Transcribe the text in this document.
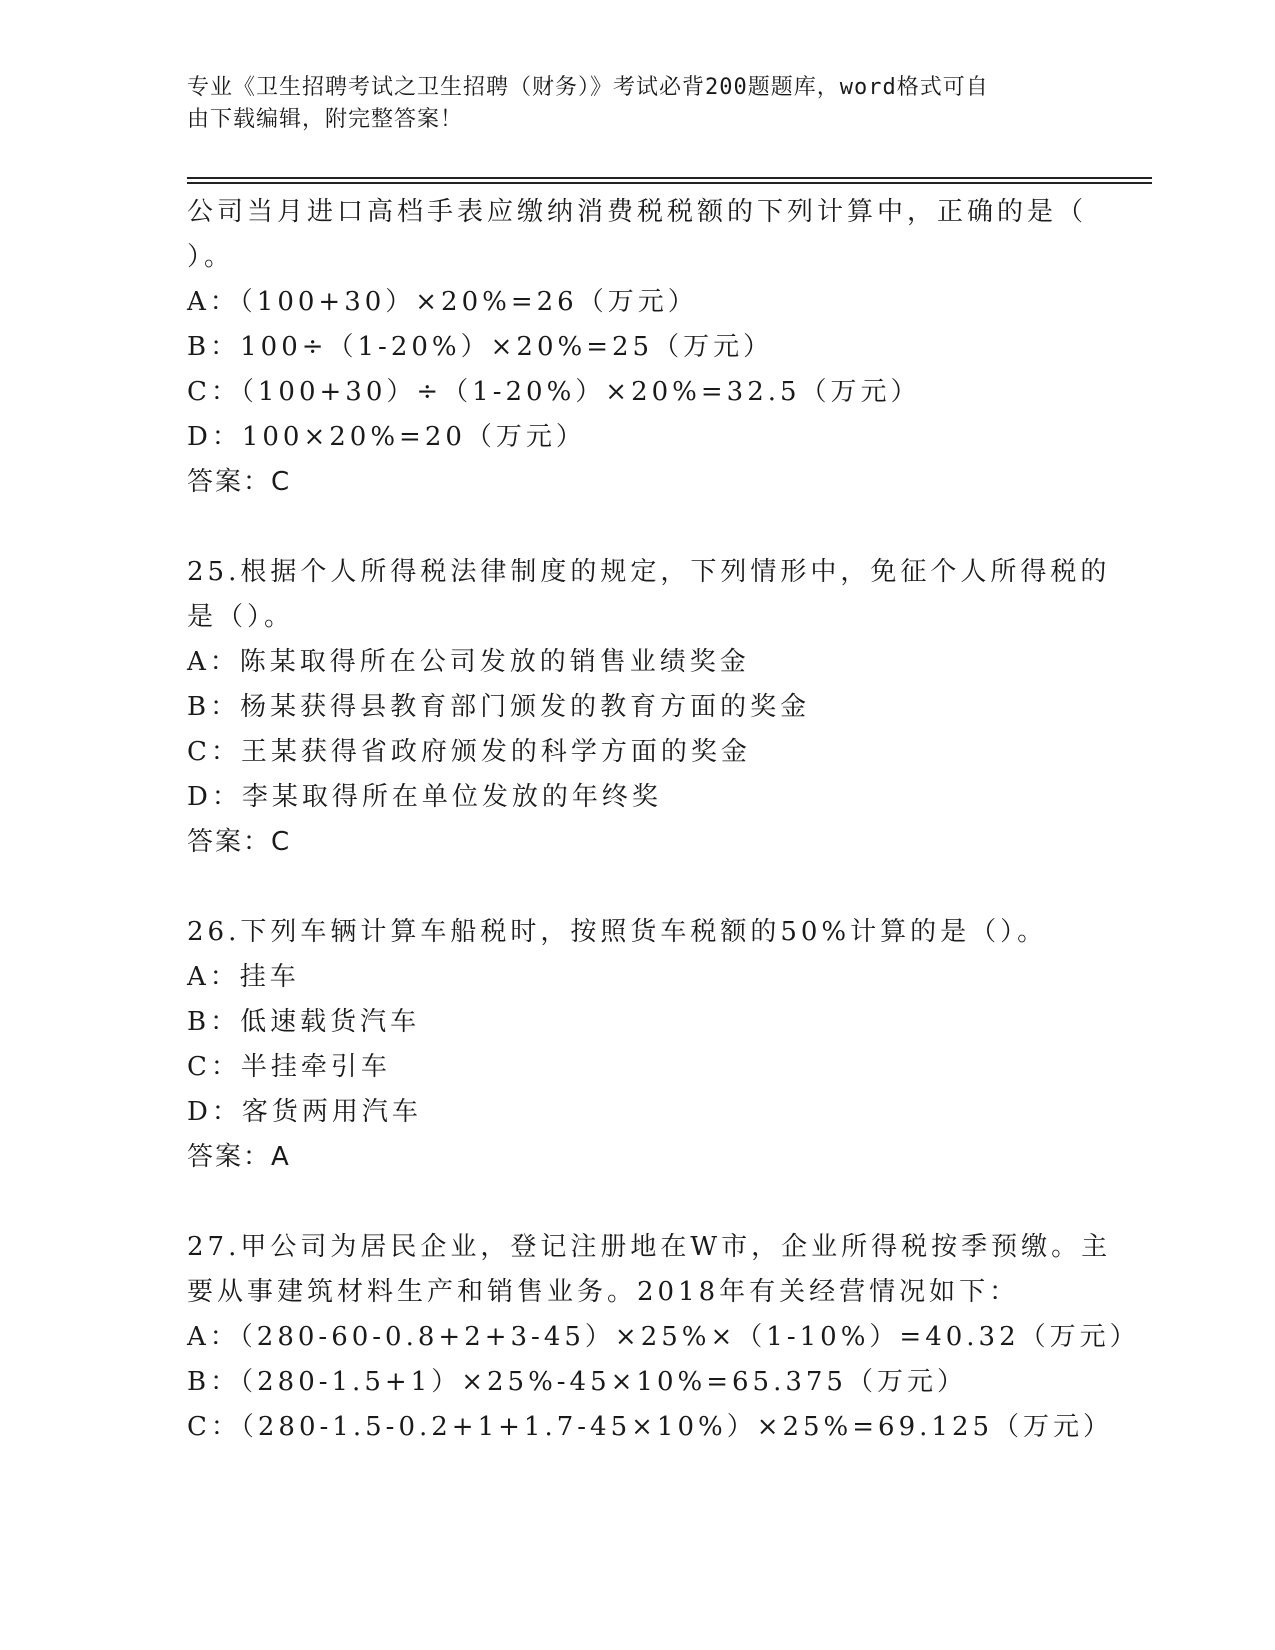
专业《卫生招聘考试之卫生招聘（财务）》考试必背200题题库，word格式可自
由下载编辑，附完整答案！
公司当月进口高档手表应缴纳消费税税额的下列计算中，正确的是（
）。
A：（100+30）×20%=26（万元）
B：100÷（1-20%）×20%=25（万元）
C：（100+30）÷（1-20%）×20%=32.5（万元）
D：100×20%=20（万元）
答案：C
25.根据个人所得税法律制度的规定，下列情形中，免征个人所得税的
是（）。
A：陈某取得所在公司发放的销售业绩奖金
B：杨某获得县教育部门颁发的教育方面的奖金
C：王某获得省政府颁发的科学方面的奖金
D：李某取得所在单位发放的年终奖
答案：C
26.下列车辆计算车船税时，按照货车税额的50%计算的是（）。
A：挂车
B：低速载货汽车
C：半挂牵引车
D：客货两用汽车
答案：A
27.甲公司为居民企业，登记注册地在W市，企业所得税按季预缴。主
要从事建筑材料生产和销售业务。2018年有关经营情况如下：
A：（280-60-0.8+2+3-45）×25%×（1-10%）=40.32（万元）
B：（280-1.5+1）×25%-45×10%=65.375（万元）
C：（280-1.5-0.2+1+1.7-45×10%）×25%=69.125（万元）
